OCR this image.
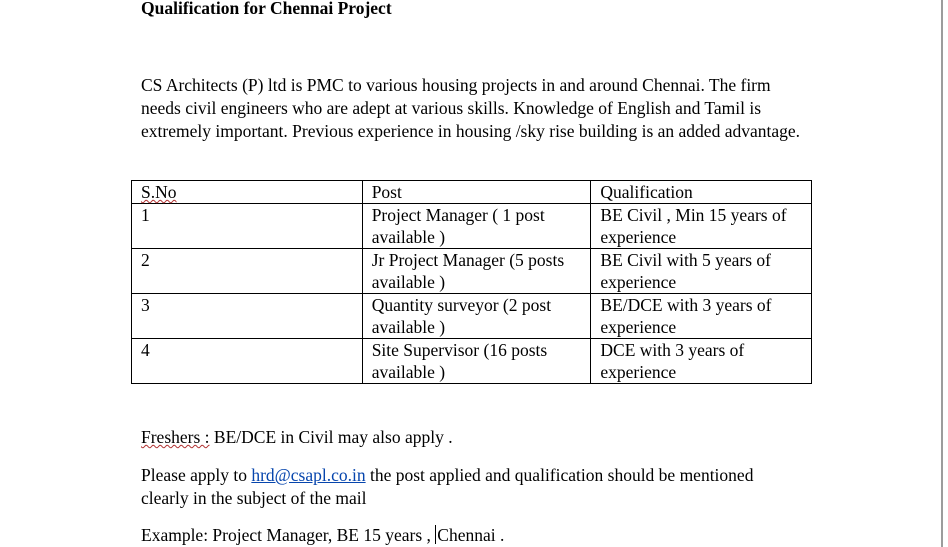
Qualification for Chennai Project

CS Architects (P) ltd is PMC to various housing projects in and around Chennai. The firm needs civil engineers who are adept at various skills. Knowledge of English and Tamil is extremely important. Previous experience in housing /sky rise building is an added advantage.

S.No	Post	Qualification
1	Project Manager ( 1 post available )	BE Civil , Min 15 years of experience
2	Jr Project Manager (5 posts available )	BE Civil with 5 years of experience
3	Quantity surveyor (2 post available )	BE/DCE with 3 years of experience
4	Site Supervisor (16 posts available )	DCE with 3 years of experience

Freshers : BE/DCE in Civil may also apply .

Please apply to hrd@csapl.co.in the post applied and qualification should be mentioned clearly in the subject of the mail

Example: Project Manager, BE 15 years , Chennai .
